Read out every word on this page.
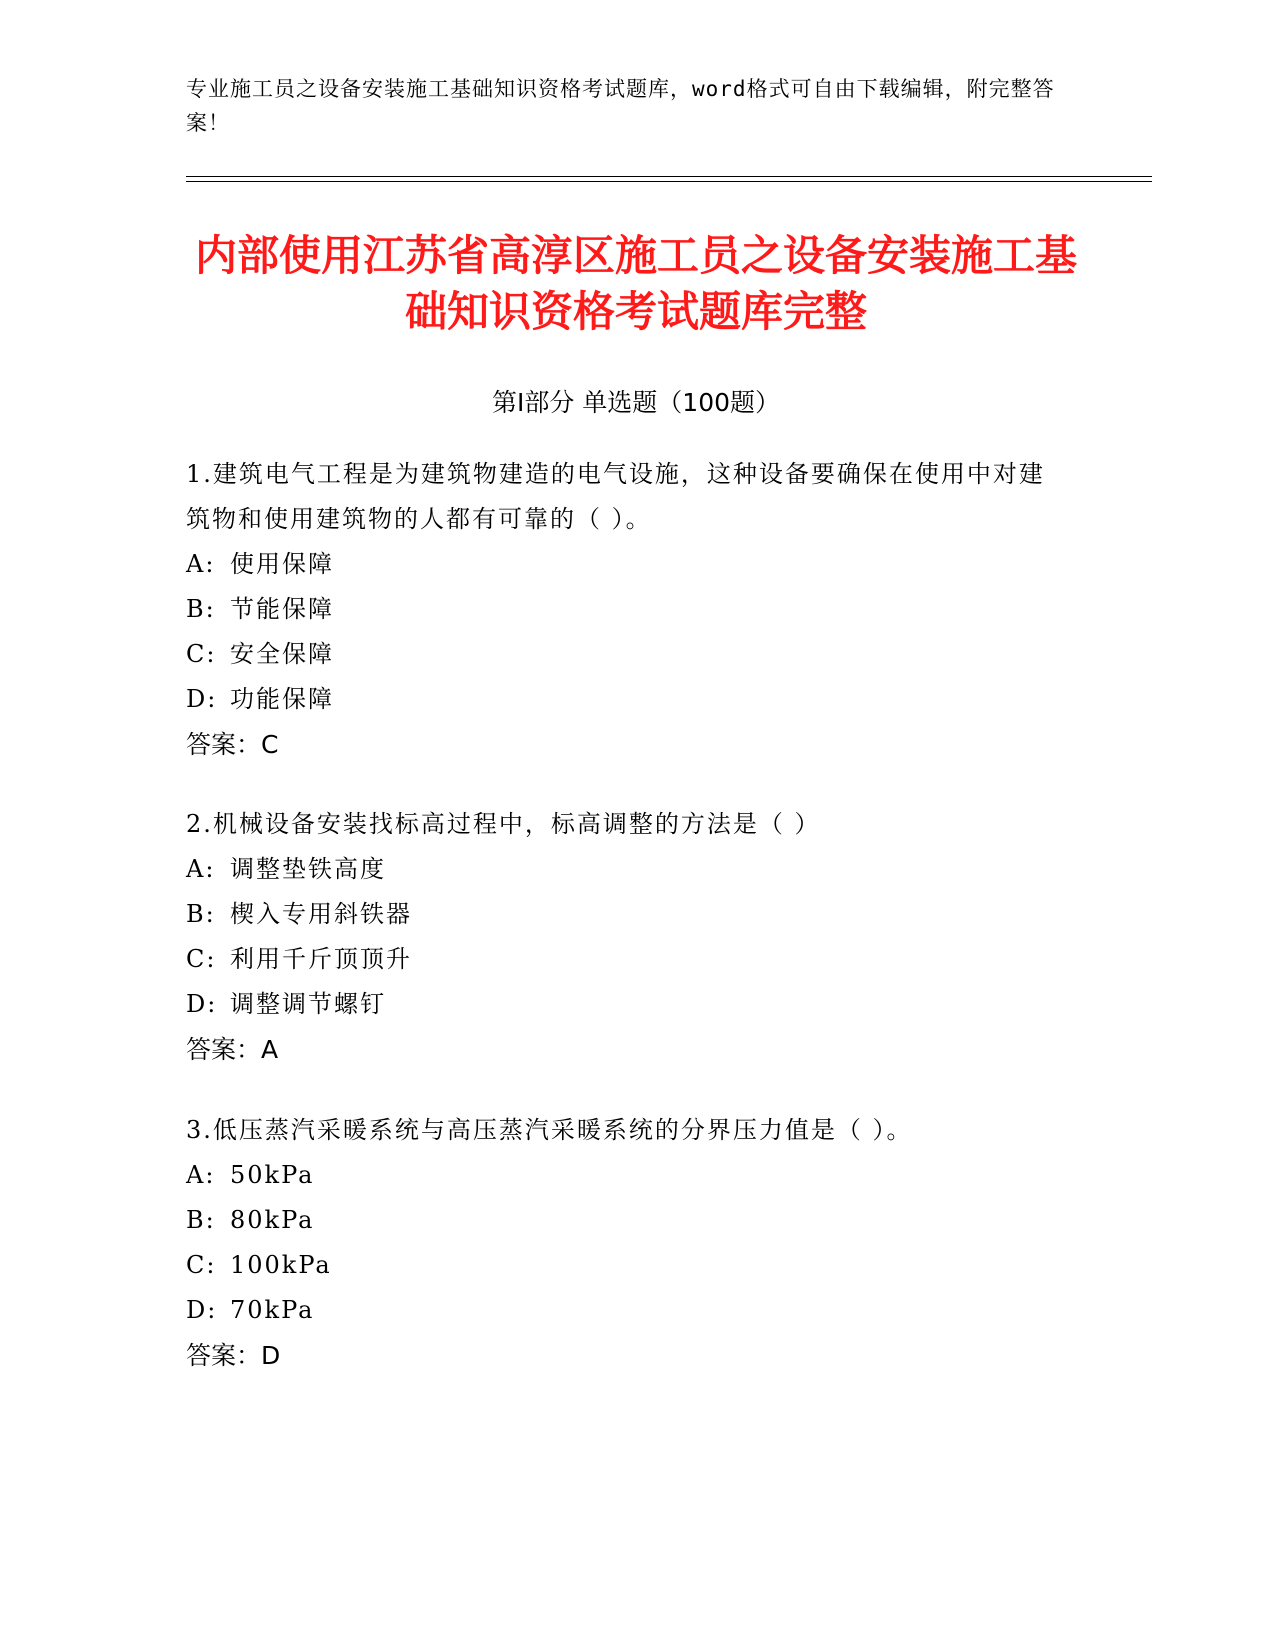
专业施工员之设备安装施工基础知识资格考试题库，word格式可自由下载编辑，附完整答案！
内部使用江苏省高淳区施工员之设备安装施工基础知识资格考试题库完整
第Ⅰ部分 单选题（100题）

1.建筑电气工程是为建筑物建造的电气设施，这种设备要确保在使用中对建筑物和使用建筑物的人都有可靠的（ ）。

A: 使用保障

B: 节能保障

C: 安全保障

D: 功能保障

答案：C

2.机械设备安装找标高过程中，标高调整的方法是（ ）

A: 调整垫铁高度

B: 楔入专用斜铁器

C: 利用千斤顶顶升

D: 调整调节螺钉

答案：A

3.低压蒸汽采暖系统与高压蒸汽采暖系统的分界压力值是（ ）。

A: 50kPa

B: 80kPa

C: 100kPa

D: 70kPa

答案：D
